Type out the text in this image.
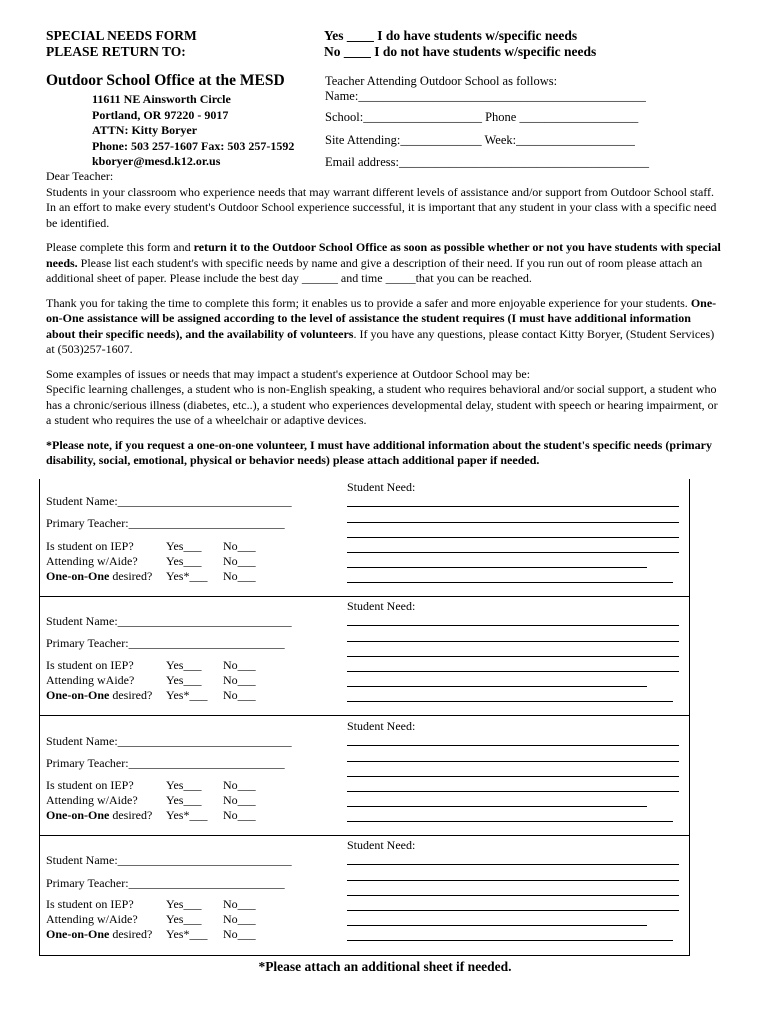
SPECIAL NEEDS FORM
PLEASE RETURN TO:
Yes ____ I do have students w/specific needs
No ____ I do not have students w/specific needs
Outdoor School Office at the MESD
11611 NE Ainsworth Circle
Portland, OR 97220 - 9017
ATTN: Kitty Boryer
Phone: 503 257-1607 Fax: 503 257-1592
kboryer@mesd.k12.or.us
Teacher Attending Outdoor School as follows:
Name:______________________________________________
School:___________________ Phone ___________________
Site Attending:_____________ Week:___________________
Email address:________________________________________

Dear Teacher:

Students in your classroom who experience needs that may warrant different levels of assistance and/or support from Outdoor School staff. In an effort to make every student's Outdoor School experience successful, it is important that any student in your class with a specific need be identified.

Please complete this form and return it to the Outdoor School Office as soon as possible whether or not you have students with special needs. Please list each student's with specific needs by name and give a description of their need. If you run out of room please attach an additional sheet of paper. Please include the best day ______ and time _____that you can be reached.

Thank you for taking the time to complete this form; it enables us to provide a safer and more enjoyable experience for your students. One-on-One assistance will be assigned according to the level of assistance the student requires (I must have additional information about their specific needs), and the availability of volunteers. If you have any questions, please contact Kitty Boryer, (Student Services) at (503)257-1607.

Some examples of issues or needs that may impact a student's experience at Outdoor School may be:

Specific learning challenges, a student who is non-English speaking, a student who requires behavioral and/or social support, a student who has a chronic/serious illness (diabetes, etc..), a student who experiences developmental delay, student with speech or hearing impairment, or a student who requires the use of a wheelchair or adaptive devices.

*Please note, if you request a one-on-one volunteer, I must have additional information about the student's specific needs (primary disability, social, emotional, physical or behavior needs) please attach additional paper if needed.

Student Name:_____________________________
Primary Teacher:__________________________
Is student on IEP?	Yes___ No___
Attending w/Aide? Yes___ No___
One-on-One desired? Yes*___ No___
Student Need:
Student Name:_____________________________
Primary Teacher:__________________________
Is student on IEP?	Yes___ No___
Attending wAide?	Yes___ No___
One-on-One desired? Yes*___ No___
Student Need:
Student Name:_____________________________
Primary Teacher:__________________________
Is student on IEP?	Yes___ No___
Attending w/Aide? Yes___ No___
One-on-One desired? Yes*___ No___
Student Need:
Student Name:_____________________________
Primary Teacher:__________________________
Is student on IEP?	Yes___ No___
Attending w/Aide? Yes___ No___
One-on-One desired? Yes*___ No___
Student Need:
*Please attach an additional sheet if needed.
